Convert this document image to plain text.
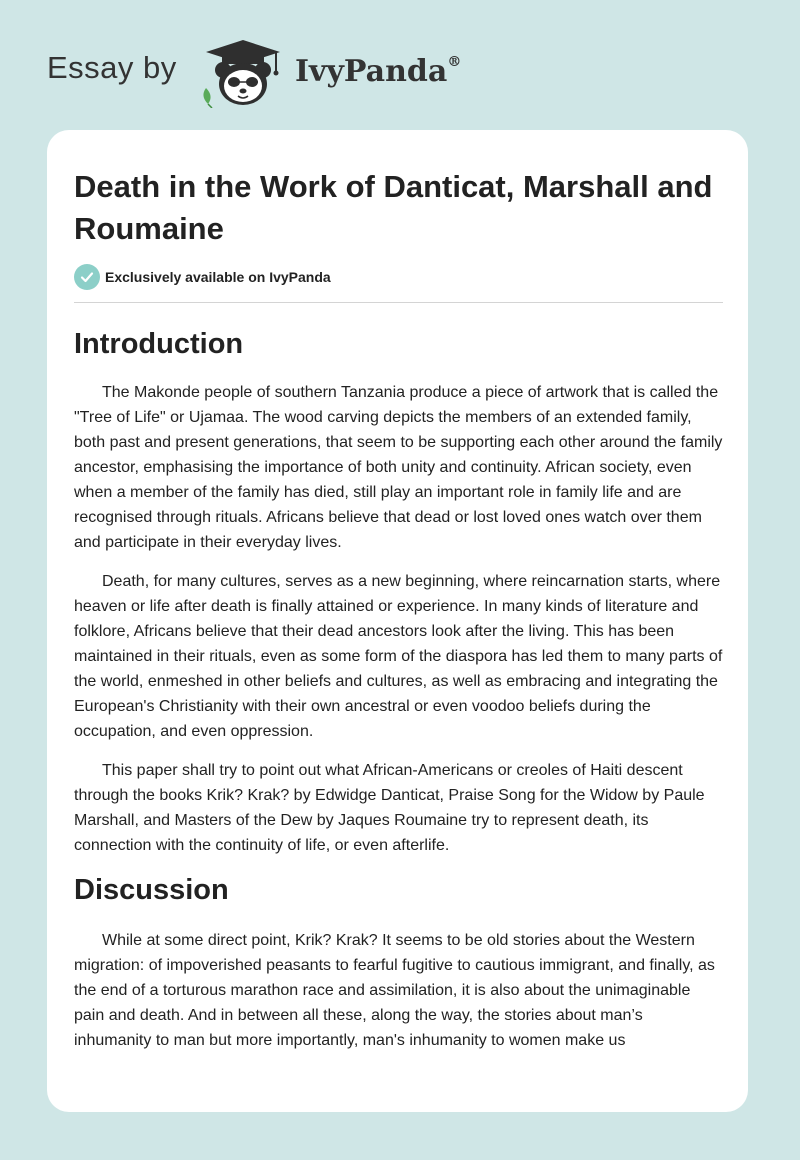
Essay by	IvyPanda®
Death in the Work of Danticat, Marshall and Roumaine
Exclusively available on IvyPanda
Introduction

The Makonde people of southern Tanzania produce a piece of artwork that is called the "Tree of Life" or Ujamaa. The wood carving depicts the members of an extended family, both past and present generations, that seem to be supporting each other around the family ancestor, emphasising the importance of both unity and continuity. African society, even when a member of the family has died, still play an important role in family life and are recognised through rituals. Africans believe that dead or lost loved ones watch over them and participate in their everyday lives.

Death, for many cultures, serves as a new beginning, where reincarnation starts, where heaven or life after death is finally attained or experience. In many kinds of literature and folklore, Africans believe that their dead ancestors look after the living. This has been maintained in their rituals, even as some form of the diaspora has led them to many parts of the world, enmeshed in other beliefs and cultures, as well as embracing and integrating the European's Christianity with their own ancestral or even voodoo beliefs during the occupation, and even oppression.

This paper shall try to point out what African-Americans or creoles of Haiti descent through the books Krik? Krak? by Edwidge Danticat, Praise Song for the Widow by Paule Marshall, and Masters of the Dew by Jaques Roumaine try to represent death, its connection with the continuity of life, or even afterlife.

Discussion

While at some direct point, Krik? Krak? It seems to be old stories about the Western migration: of impoverished peasants to fearful fugitive to cautious immigrant, and finally, as the end of a torturous marathon race and assimilation, it is also about the unimaginable pain and death. And in between all these, along the way, the stories about man’s inhumanity to man but more importantly, man's inhumanity to women make us
